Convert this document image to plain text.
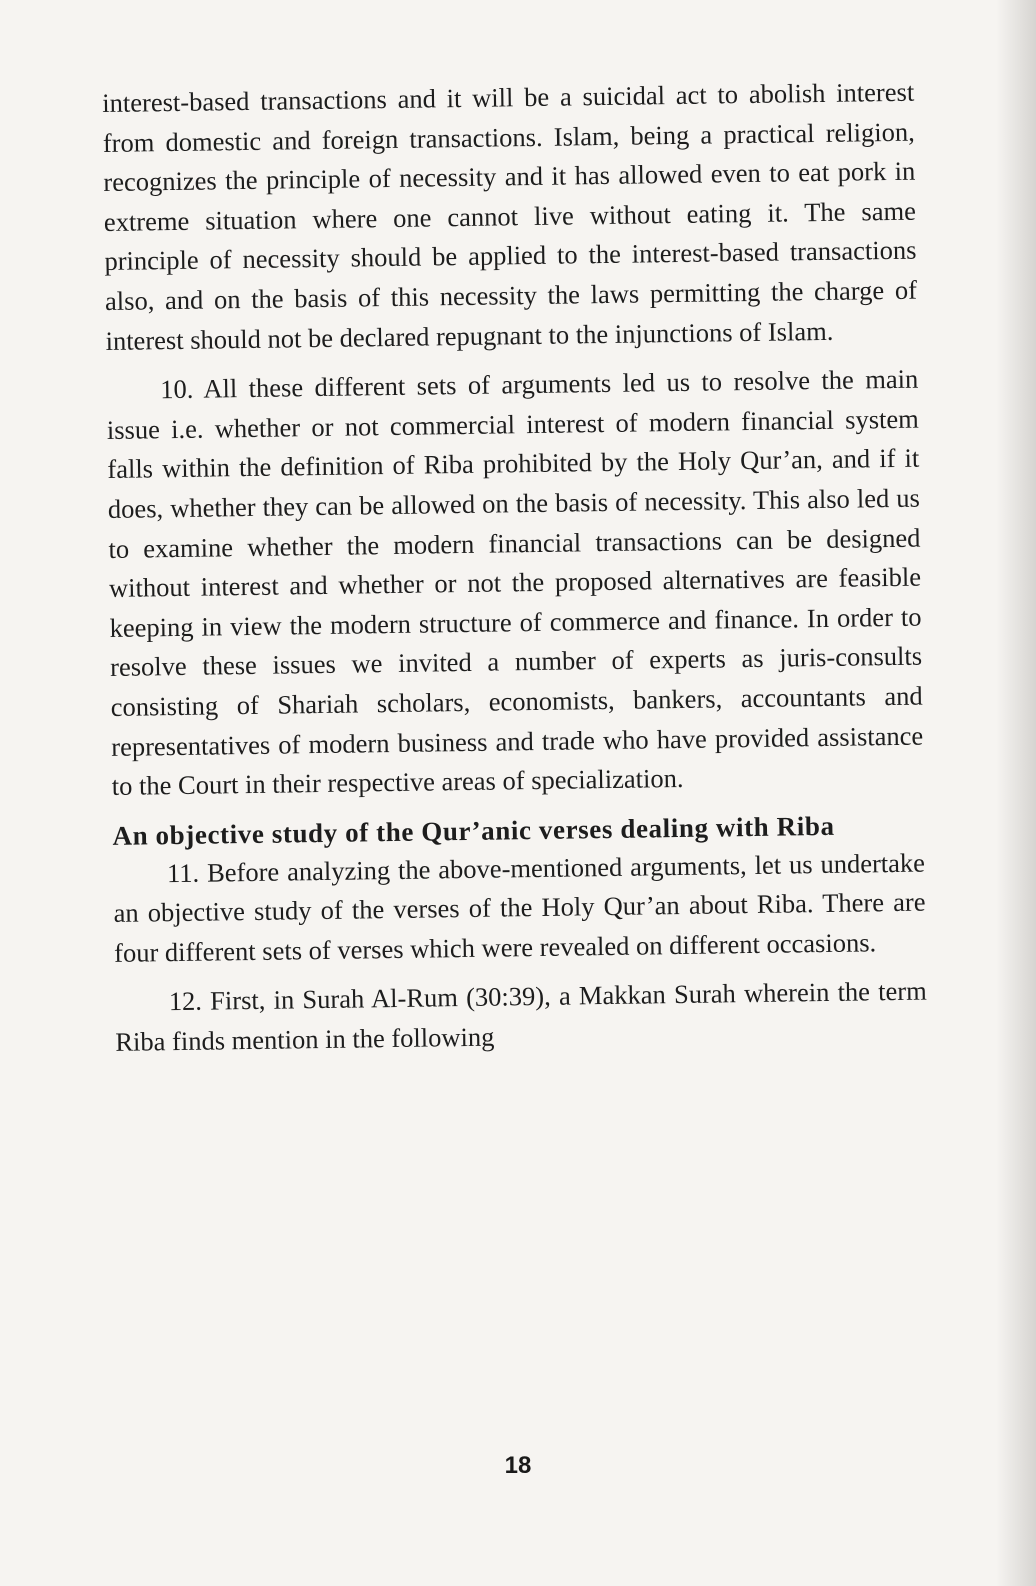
interest-based transactions and it will be a suicidal act to abolish interest from domestic and foreign transactions. Islam, being a practical religion, recognizes the principle of necessity and it has allowed even to eat pork in extreme situation where one cannot live without eating it. The same principle of necessity should be applied to the interest-based transactions also, and on the basis of this necessity the laws permitting the charge of interest should not be declared repugnant to the injunctions of Islam.

10. All these different sets of arguments led us to resolve the main issue i.e. whether or not commercial interest of modern financial system falls within the definition of Riba prohibited by the Holy Qur’an, and if it does, whether they can be allowed on the basis of necessity. This also led us to examine whether the modern financial transactions can be designed without interest and whether or not the proposed alternatives are feasible keeping in view the modern structure of commerce and finance. In order to resolve these issues we invited a number of experts as juris-consults consisting of Shariah scholars, economists, bankers, accountants and representatives of modern business and trade who have provided assistance to the Court in their respective areas of specialization.

An objective study of the Qur’anic verses dealing with Riba

11. Before analyzing the above-mentioned arguments, let us undertake an objective study of the verses of the Holy Qur’an about Riba. There are four different sets of verses which were revealed on different occasions.

12. First, in Surah Al-Rum (30:39), a Makkan Surah wherein the term Riba finds mention in the following

18
